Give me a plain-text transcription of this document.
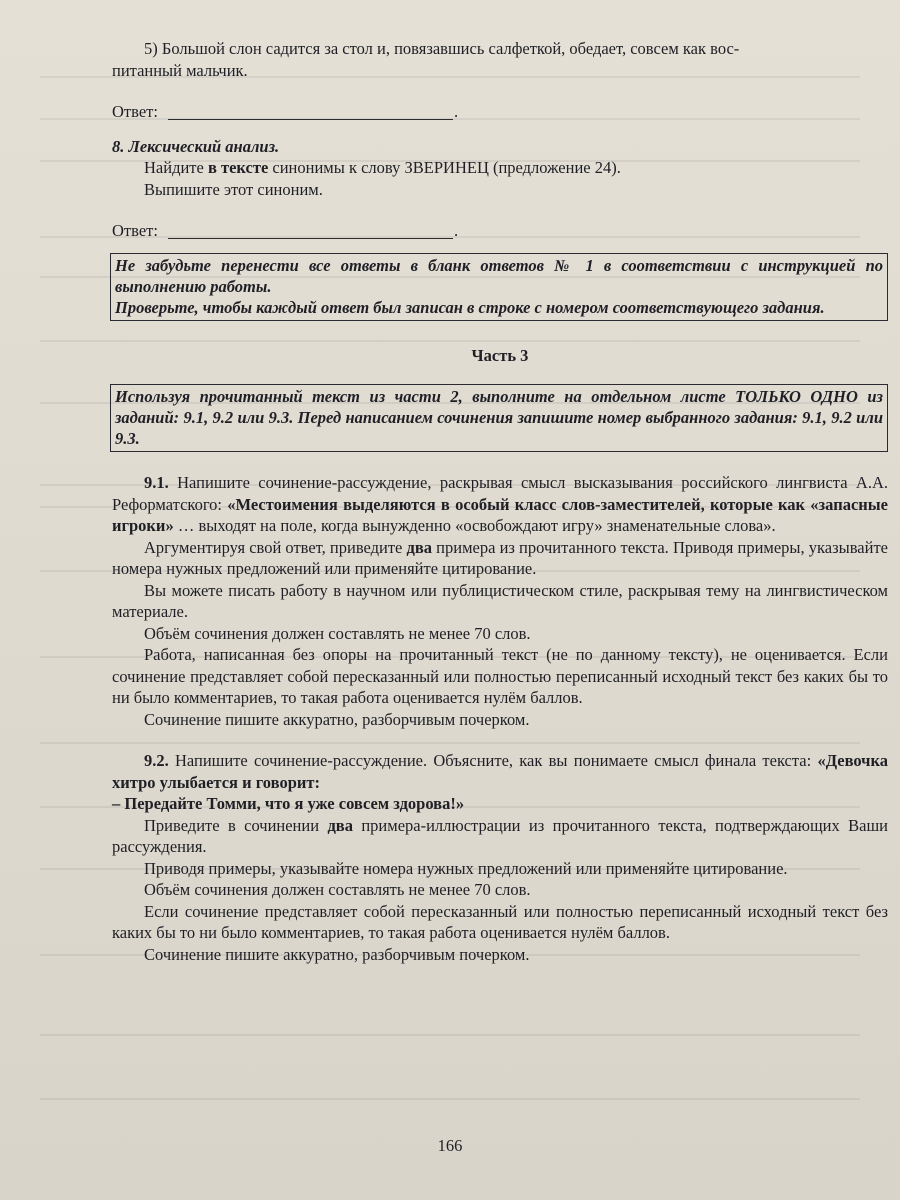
5) Большой слон садится за стол и, повязавшись салфеткой, обедает, совсем как вос-

питанный мальчик.

Ответ:	.

8. Лексический анализ.

Найдите в тексте синонимы к слову ЗВЕРИНЕЦ (предложение 24).

Выпишите этот синоним.

Ответ:	.

Не забудьте перенести все ответы в бланк ответов № 1 в соответствии с инструкцией по выполнению работы.

Проверьте, чтобы каждый ответ был записан в строке с номером соответствующего задания.

Часть 3

Используя прочитанный текст из части 2, выполните на отдельном листе ТОЛЬКО ОДНО из заданий: 9.1, 9.2 или 9.3. Перед написанием сочинения запишите номер выбранного задания: 9.1, 9.2 или 9.3.

9.1. Напишите сочинение-рассуждение, раскрывая смысл высказывания российского лингвиста А.А. Реформатского: «Местоимения выделяются в особый класс слов-заместителей, которые как «запасные игроки» … выходят на поле, когда вынужденно «освобождают игру» знаменательные слова».

Аргументируя свой ответ, приведите два примера из прочитанного текста. Приводя примеры, указывайте номера нужных предложений или применяйте цитирование.

Вы можете писать работу в научном или публицистическом стиле, раскрывая тему на лингвистическом материале.

Объём сочинения должен составлять не менее 70 слов.

Работа, написанная без опоры на прочитанный текст (не по данному тексту), не оценивается. Если сочинение представляет собой пересказанный или полностью переписанный исходный текст без каких бы то ни было комментариев, то такая работа оценивается нулём баллов.

Сочинение пишите аккуратно, разборчивым почерком.

9.2. Напишите сочинение-рассуждение. Объясните, как вы понимаете смысл финала текста: «Девочка хитро улыбается и говорит:

– Передайте Томми, что я уже совсем здорова!»

Приведите в сочинении два примера-иллюстрации из прочитанного текста, подтверждающих Ваши рассуждения.

Приводя примеры, указывайте номера нужных предложений или применяйте цитирование.

Объём сочинения должен составлять не менее 70 слов.

Если сочинение представляет собой пересказанный или полностью переписанный исходный текст без каких бы то ни было комментариев, то такая работа оценивается нулём баллов.

Сочинение пишите аккуратно, разборчивым почерком.

166
